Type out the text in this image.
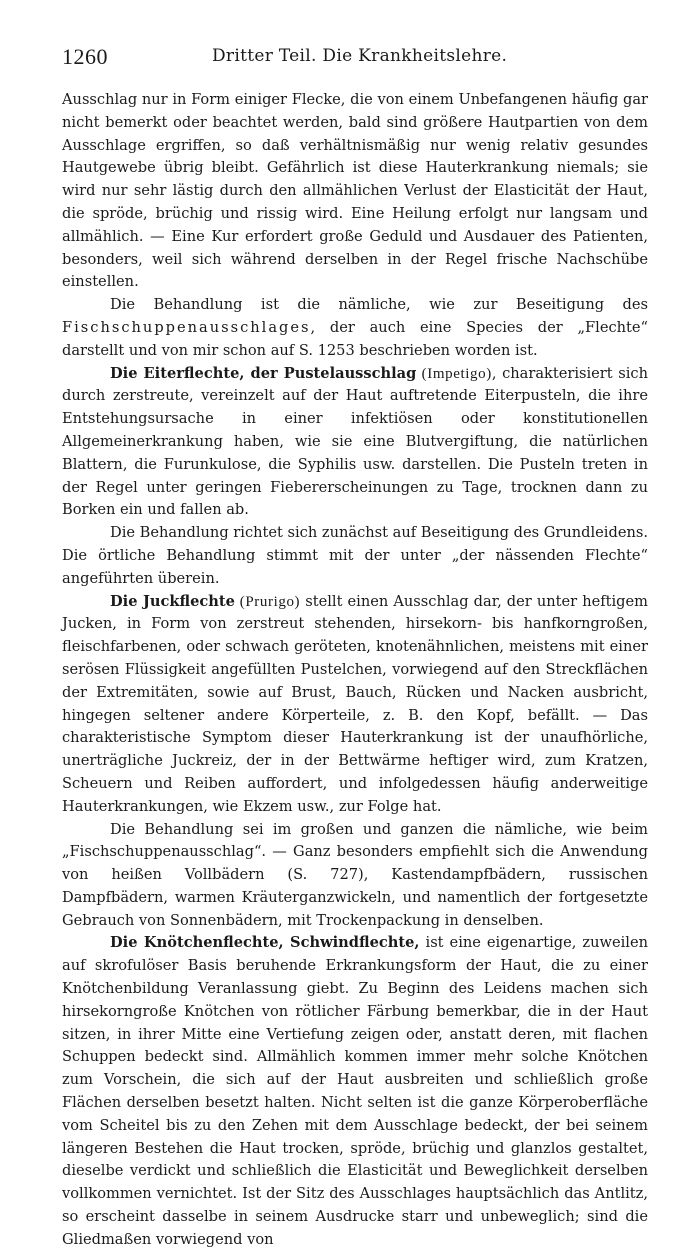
1260	Dritter Teil. Die Krankheitslehre.

Ausschlag nur in Form einiger Flecke, die von einem Unbefangenen häufig gar nicht bemerkt oder beachtet werden, bald sind größere Hautpartien von dem Ausschlage ergriffen, so daß verhältnismäßig nur wenig relativ gesundes Hautgewebe übrig bleibt. Gefährlich ist diese Hauterkrankung niemals; sie wird nur sehr lästig durch den allmählichen Verlust der Elasticität der Haut, die spröde, brüchig und rissig wird. Eine Heilung erfolgt nur langsam und allmählich. — Eine Kur erfordert große Geduld und Ausdauer des Patienten, besonders, weil sich während derselben in der Regel frische Nachschübe einstellen.

Die Behandlung ist die nämliche, wie zur Beseitigung des Fischschuppenausschlages, der auch eine Species der „Flechte“ darstellt und von mir schon auf S. 1253 beschrieben worden ist.

Die Eiterflechte, der Pustelausschlag (Impetigo), charakterisiert sich durch zerstreute, vereinzelt auf der Haut auftretende Eiterpusteln, die ihre Entstehungsursache in einer infektiösen oder konstitutionellen Allgemeinerkrankung haben, wie sie eine Blutvergiftung, die natürlichen Blattern, die Furunkulose, die Syphilis usw. darstellen. Die Pusteln treten in der Regel unter geringen Fiebererscheinungen zu Tage, trocknen dann zu Borken ein und fallen ab.

Die Behandlung richtet sich zunächst auf Beseitigung des Grundleidens. Die örtliche Behandlung stimmt mit der unter „der nässenden Flechte“ angeführten überein.

Die Juckflechte (Prurigo) stellt einen Ausschlag dar, der unter heftigem Jucken, in Form von zerstreut stehenden, hirsekorn- bis hanfkorngroßen, fleischfarbenen, oder schwach geröteten, knotenähnlichen, meistens mit einer serösen Flüssigkeit angefüllten Pustelchen, vorwiegend auf den Streckflächen der Extremitäten, sowie auf Brust, Bauch, Rücken und Nacken ausbricht, hingegen seltener andere Körperteile, z. B. den Kopf, befällt. — Das charakteristische Symptom dieser Hauterkrankung ist der unaufhörliche, unerträgliche Juckreiz, der in der Bettwärme heftiger wird, zum Kratzen, Scheuern und Reiben auffordert, und infolgedessen häufig anderweitige Hauterkrankungen, wie Ekzem usw., zur Folge hat.

Die Behandlung sei im großen und ganzen die nämliche, wie beim „Fischschuppenausschlag“. — Ganz besonders empfiehlt sich die Anwendung von heißen Vollbädern (S. 727), Kastendampfbädern, russischen Dampfbädern, warmen Kräuterganzwickeln, und namentlich der fortgesetzte Gebrauch von Sonnenbädern, mit Trockenpackung in denselben.

Die Knötchenflechte, Schwindflechte, ist eine eigenartige, zuweilen auf skrofulöser Basis beruhende Erkrankungsform der Haut, die zu einer Knötchenbildung Veranlassung giebt. Zu Beginn des Leidens machen sich hirsekorngroße Knötchen von rötlicher Färbung bemerkbar, die in der Haut sitzen, in ihrer Mitte eine Vertiefung zeigen oder, anstatt deren, mit flachen Schuppen bedeckt sind. Allmählich kommen immer mehr solche Knötchen zum Vorschein, die sich auf der Haut ausbreiten und schließlich große Flächen derselben besetzt halten. Nicht selten ist die ganze Körperoberfläche vom Scheitel bis zu den Zehen mit dem Ausschlage bedeckt, der bei seinem längeren Bestehen die Haut trocken, spröde, brüchig und glanzlos gestaltet, dieselbe verdickt und schließlich die Elasticität und Beweglichkeit derselben vollkommen vernichtet. Ist der Sitz des Ausschlages hauptsächlich das Antlitz, so erscheint dasselbe in seinem Ausdrucke starr und unbeweglich; sind die Gliedmaßen vorwiegend von
